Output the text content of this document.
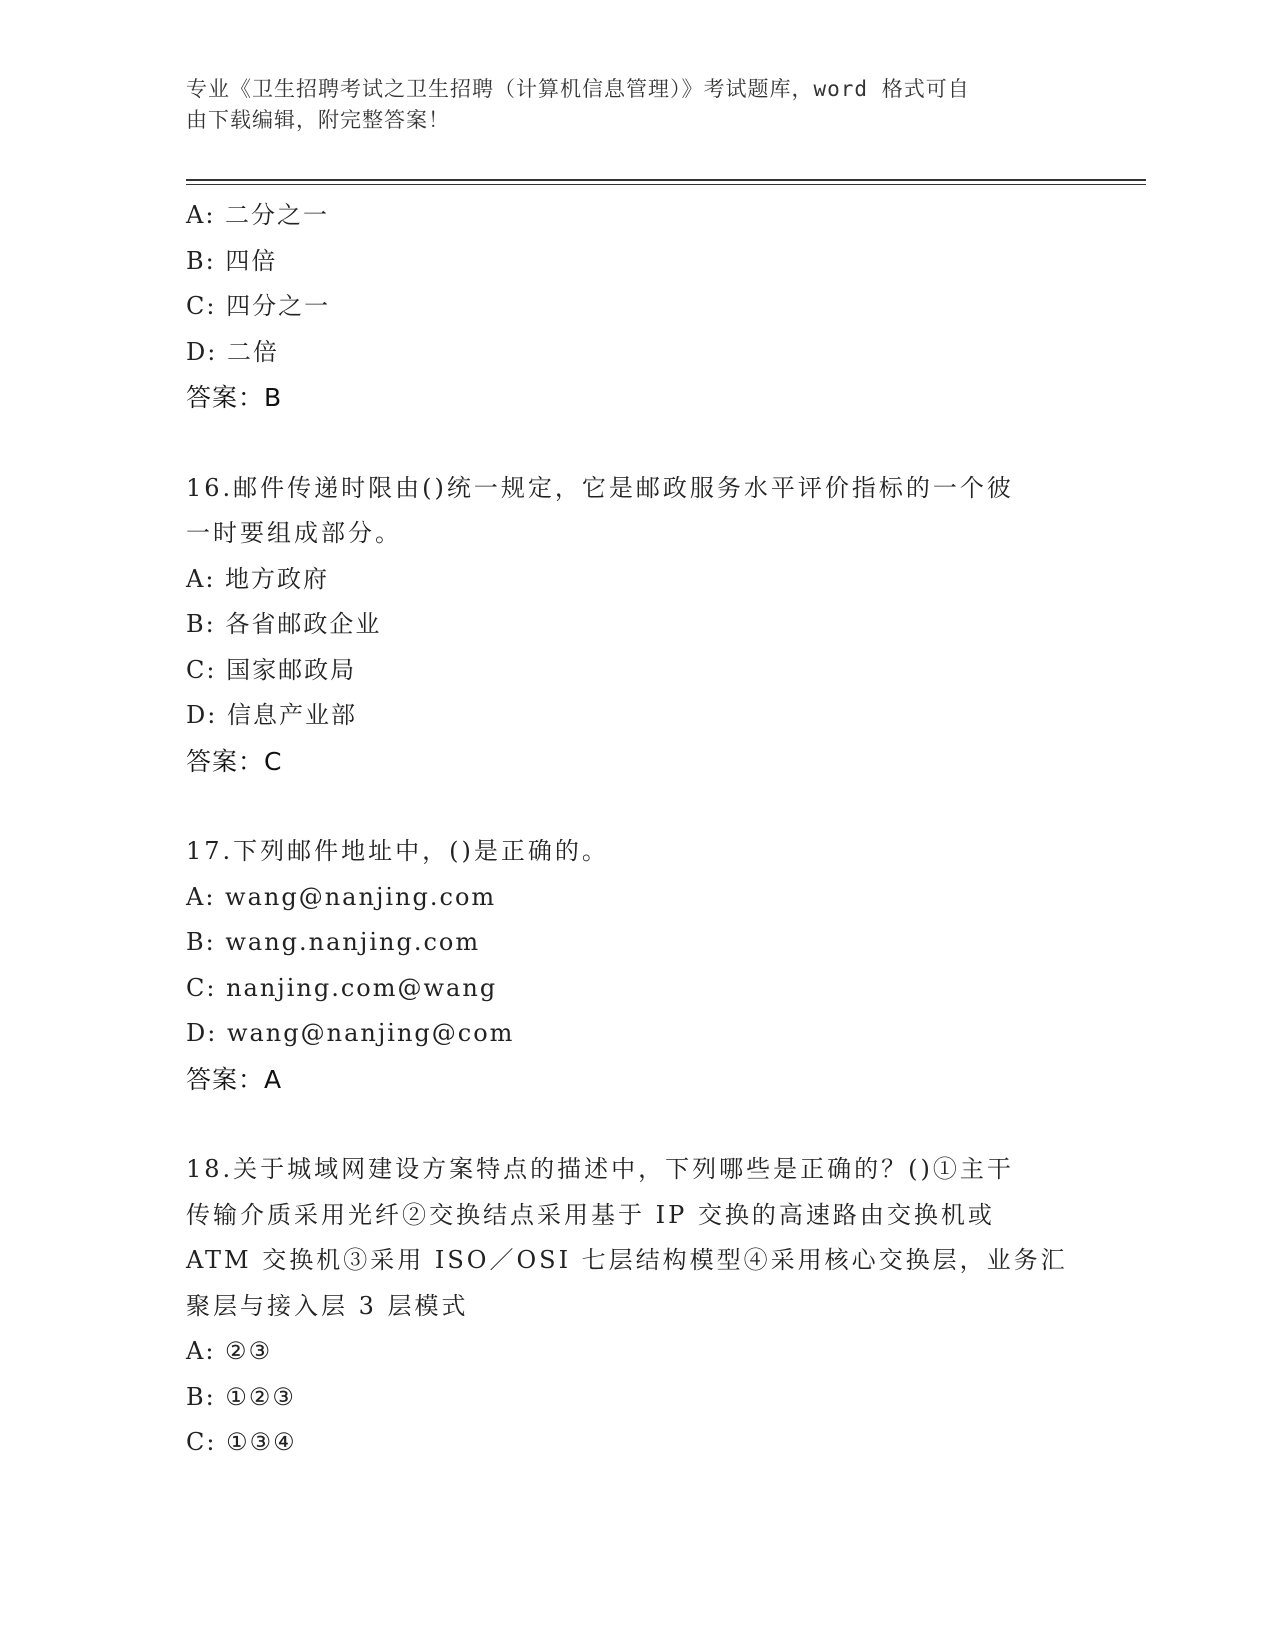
专业《卫生招聘考试之卫生招聘（计算机信息管理）》考试题库，word 格式可自
由下载编辑，附完整答案！
A: 二分之一
B: 四倍
C: 四分之一
D: 二倍
答案：B
16.邮件传递时限由()统一规定，它是邮政服务水平评价指标的一个彼
一时要组成部分。
A: 地方政府
B: 各省邮政企业
C: 国家邮政局
D: 信息产业部
答案：C
17.下列邮件地址中，()是正确的。
A: wang@nanjing.com
B: wang.nanjing.com
C: nanjing.com@wang
D: wang@nanjing@com
答案：A
18.关于城域网建设方案特点的描述中，下列哪些是正确的？()①主干
传输介质采用光纤②交换结点采用基于 IP 交换的高速路由交换机或
ATM 交换机③采用 ISO／OSI 七层结构模型④采用核心交换层，业务汇
聚层与接入层 3 层模式
A: ②③
B: ①②③
C: ①③④
